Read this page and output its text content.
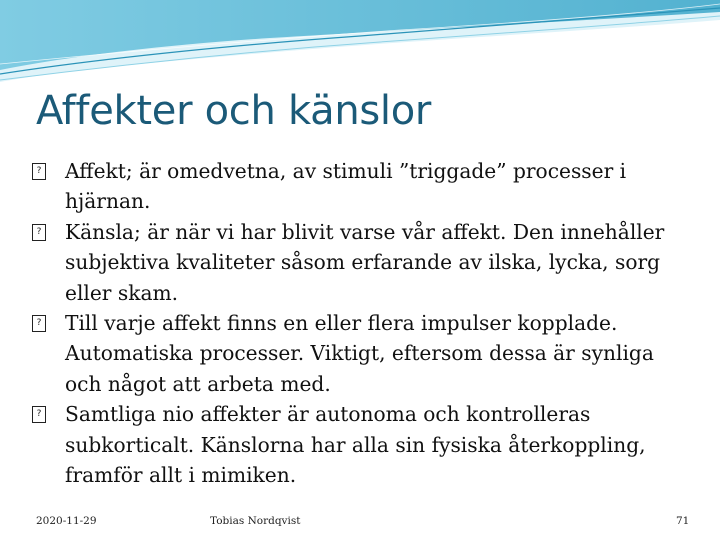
Affekter och känslor
? Affekt; är omedvetna, av stimuli ”triggade” processer i hjärnan.
? Känsla; är när vi har blivit varse vår affekt. Den innehåller subjektiva kvaliteter såsom erfarande av ilska, lycka, sorg eller skam.
? Till varje affekt finns en eller flera impulser kopplade. Automatiska processer. Viktigt, eftersom dessa är synliga och något att arbeta med.
? Samtliga nio affekter är autonoma och kontrolleras subkorticalt. Känslorna har alla sin fysiska återkoppling, framför allt i mimiken.
2020-11-29	Tobias Nordqvist	71
